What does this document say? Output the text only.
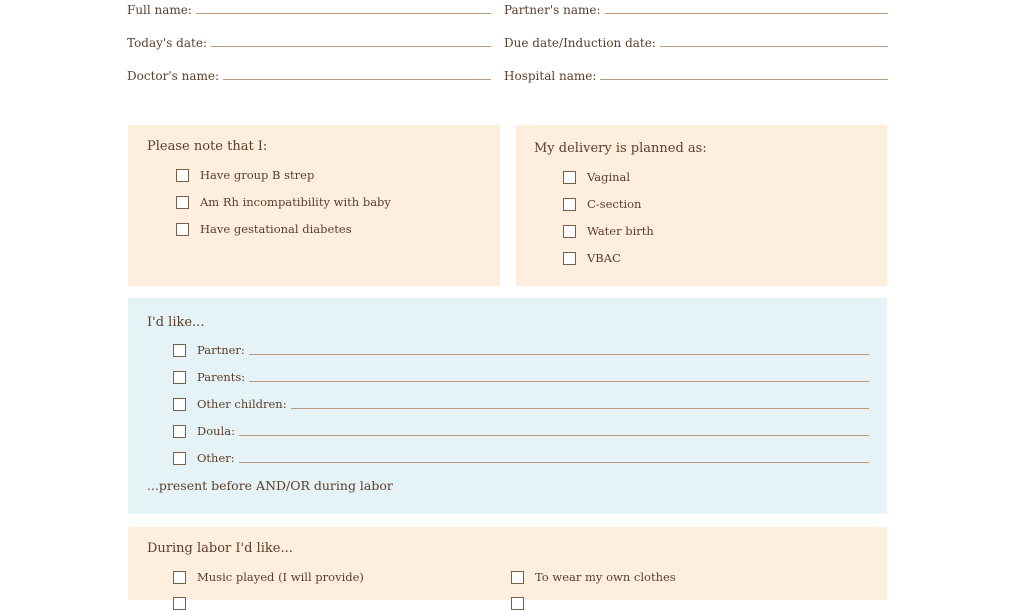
Full name:	Partner's name:
Today's date:	Due date/Induction date:
Doctor's name:	Hospital name:
Please note that I:
Have group B strep
Am Rh incompatibility with baby
Have gestational diabetes
My delivery is planned as:
Vaginal
C-section
Water birth
VBAC
I'd like...
Partner:
Parents:
Other children:
Doula:
Other:
...present before AND/OR during labor
During labor I'd like...
Music played (I will provide)	To wear my own clothes
